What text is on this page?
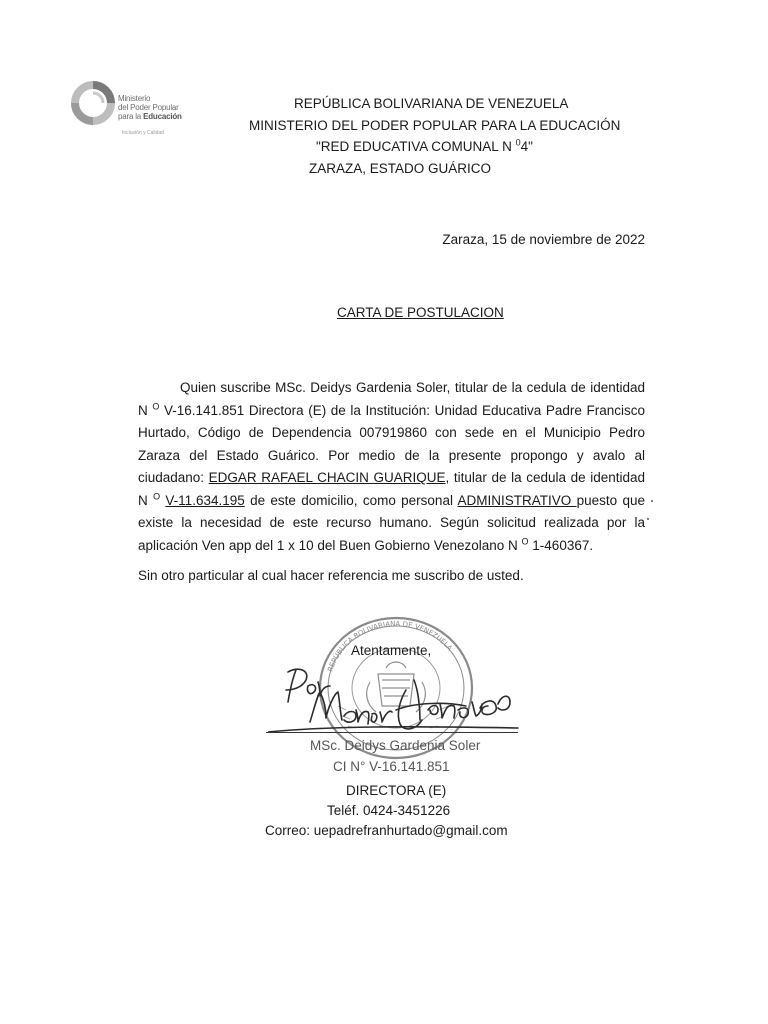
Ministerio
del Poder Popular
para la Educación
Inclusión y Calidad
REPÚBLICA BOLIVARIANA DE VENEZUELA
MINISTERIO DEL PODER POPULAR PARA LA EDUCACIÓN
"RED EDUCATIVA COMUNAL N $^0$4"
ZARAZA, ESTADO GUÁRICO
Zaraza, 15 de noviembre de 2022
CARTA DE POSTULACION
Quien suscribe MSc. Deidys Gardenia Soler, titular de la cedula de identidad N $^O$ V-16.141.851 Directora (E) de la Institución: Unidad Educativa Padre Francisco Hurtado, Código de Dependencia 007919860 con sede en el Municipio Pedro Zaraza del Estado Guárico. Por medio de la presente propongo y avalo al ciudadano: EDGAR RAFAEL CHACIN GUARIQUE, titular de la cedula de identidad N $^O$ V-11.634.195 de este domicilio, como personal ADMINISTRATIVO puesto que existe la necesidad de este recurso humano. Según solicitud realizada por la aplicación Ven app del 1 x 10 del Buen Gobierno Venezolano N $^O$ 1-460367.
Sin otro particular al cual hacer referencia me suscribo de usted.
REPÚBLICA BOLIVARIANA DE VENEZUELA
Atentamente,
MSc. Deidys Gardenia Soler
CI N° V-16.141.851
DIRECTORA (E)
Teléf. 0424-3451226
Correo: uepadrefranhurtado@gmail.com
